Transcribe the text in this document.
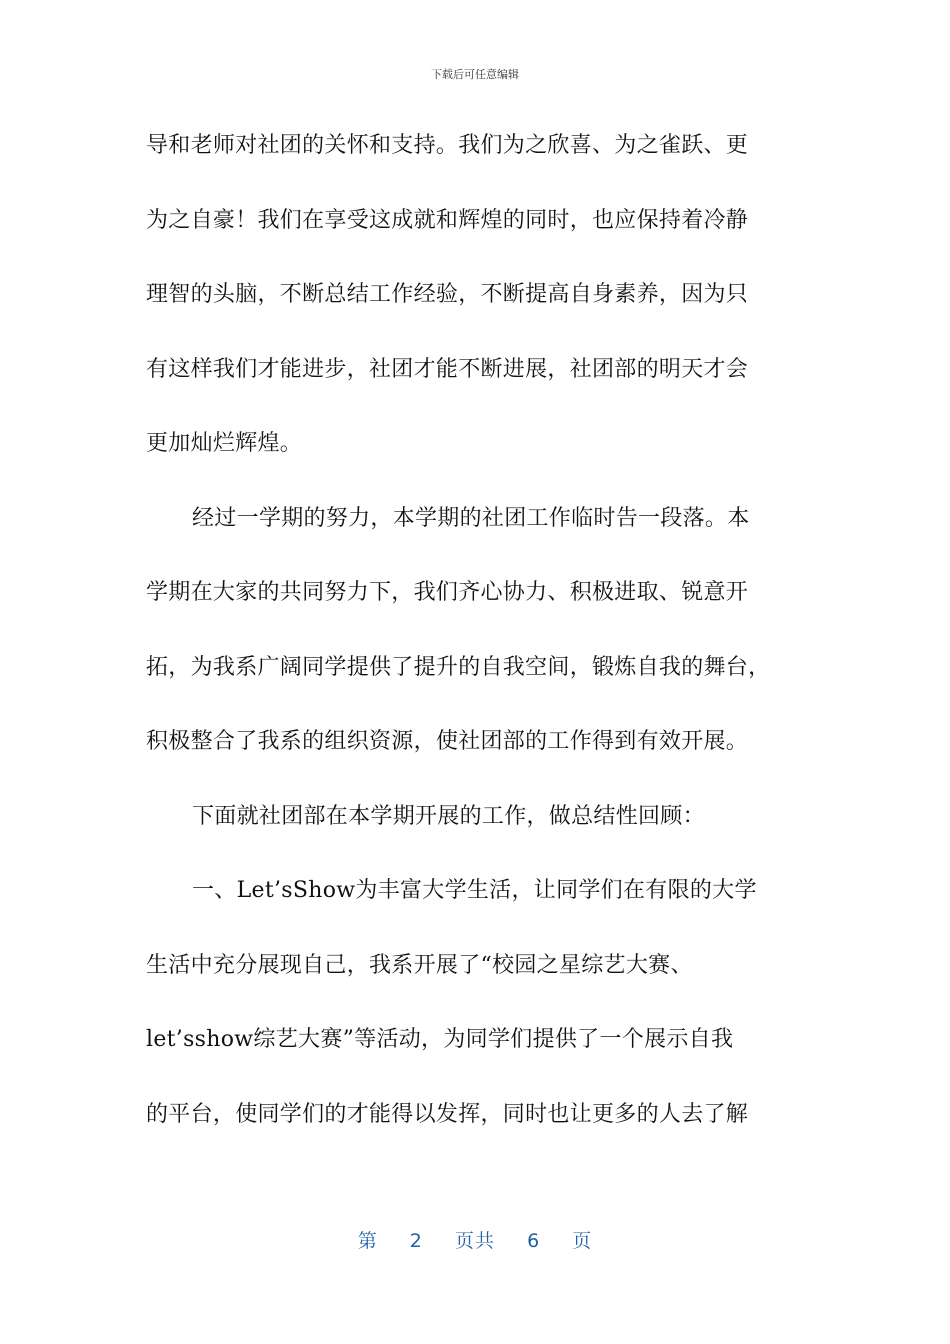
下载后可任意编辑
导和老师对社团的关怀和支持。我们为之欣喜、为之雀跃、更
为之自豪！我们在享受这成就和辉煌的同时，也应保持着冷静
理智的头脑，不断总结工作经验，不断提高自身素养，因为只
有这样我们才能进步，社团才能不断进展，社团部的明天才会
更加灿烂辉煌。
经过一学期的努力，本学期的社团工作临时告一段落。本
学期在大家的共同努力下，我们齐心协力、积极进取、锐意开
拓，为我系广阔同学提供了提升的自我空间，锻炼自我的舞台，
积极整合了我系的组织资源，使社团部的工作得到有效开展。
下面就社团部在本学期开展的工作，做总结性回顾：
一、Let’sShow为丰富大学生活，让同学们在有限的大学
生活中充分展现自己，我系开展了“校园之星综艺大赛、
let’sshow综艺大赛”等活动，为同学们提供了一个展示自我
的平台，使同学们的才能得以发挥，同时也让更多的人去了解
第 2 页共 6 页
